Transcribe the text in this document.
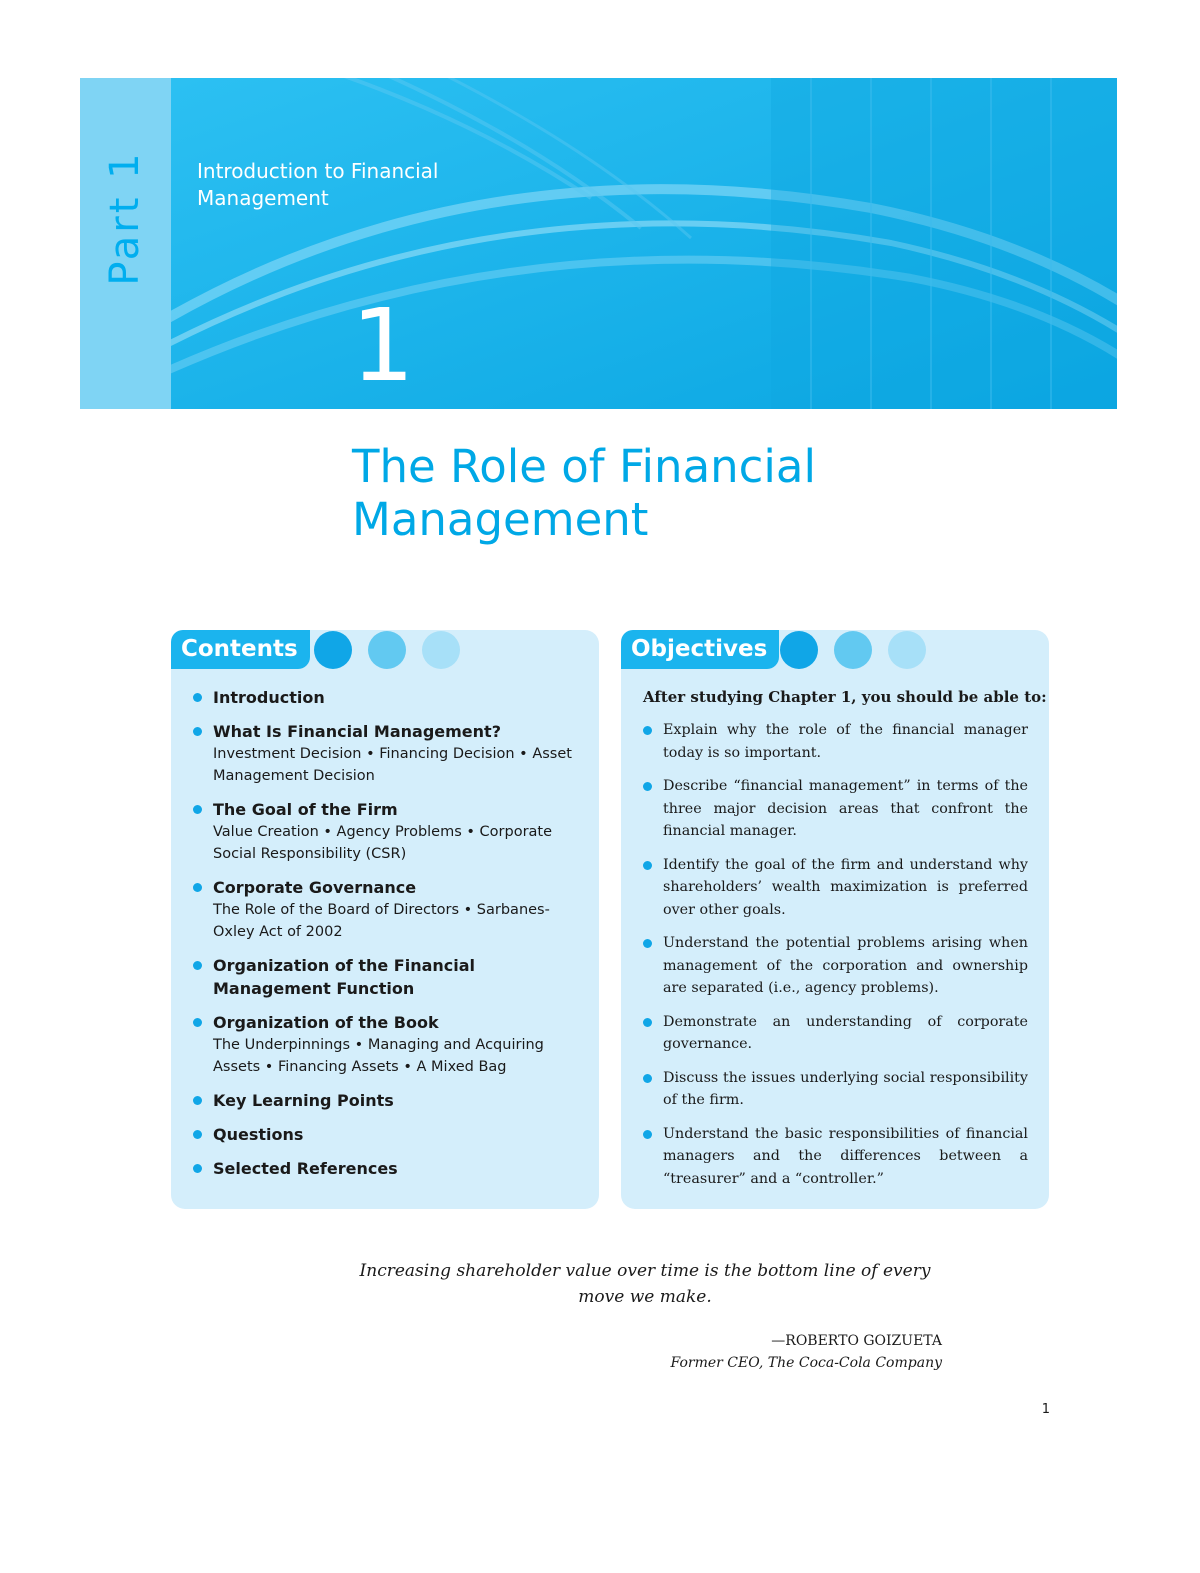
Part 1 Introduction to Financial Management
1
The Role of Financial Management
Contents
Introduction
What Is Financial Management?
Investment Decision • Financing Decision • Asset Management Decision
The Goal of the Firm
Value Creation • Agency Problems • Corporate Social Responsibility (CSR)
Corporate Governance
The Role of the Board of Directors • Sarbanes-Oxley Act of 2002
Organization of the Financial Management Function
Organization of the Book
The Underpinnings • Managing and Acquiring Assets • Financing Assets • A Mixed Bag
Key Learning Points
Questions
Selected References
Objectives

After studying Chapter 1, you should be able to:

Explain why the role of the financial manager today is so important.
Describe “financial management” in terms of the three major decision areas that confront the financial manager.
Identify the goal of the firm and understand why shareholders’ wealth maximization is preferred over other goals.
Understand the potential problems arising when management of the corporation and ownership are separated (i.e., agency problems).
Demonstrate an understanding of corporate governance.
Discuss the issues underlying social responsibility of the firm.
Understand the basic responsibilities of financial managers and the differences between a “treasurer” and a “controller.”

Increasing shareholder value over time is the bottom line of every move we make.

—ROBERTO GOIZUETA

Former CEO, The Coca-Cola Company

1
